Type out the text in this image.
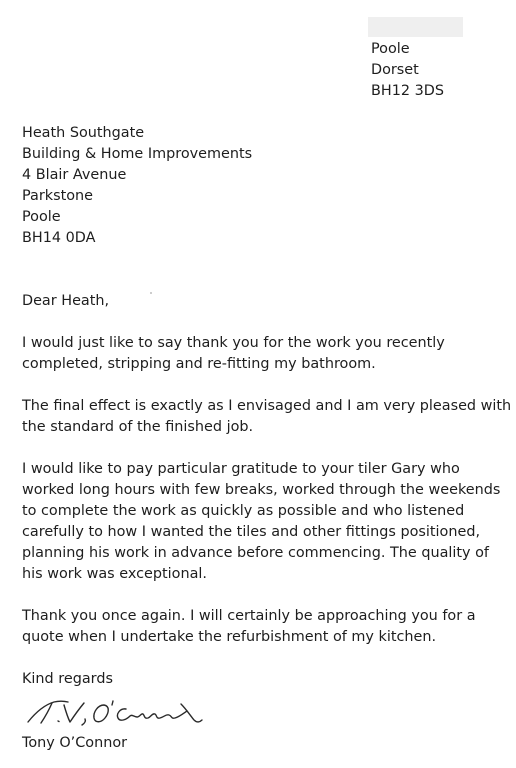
Poole
Dorset
BH12 3DS
Heath Southgate
Building & Home Improvements
4 Blair Avenue
Parkstone
Poole
BH14 0DA
Dear Heath,

I would just like to say thank you for the work you recently completed, stripping and re-fitting my bathroom.

The final effect is exactly as I envisaged and I am very pleased with the standard of the finished job.

I would like to pay particular gratitude to your tiler Gary who worked long hours with few breaks, worked through the weekends to complete the work as quickly as possible and who listened carefully to how I wanted the tiles and other fittings positioned, planning his work in advance before commencing. The quality of his work was exceptional.

Thank you once again. I will certainly be approaching you for a quote when I undertake the refurbishment of my kitchen.

Kind regards
Tony O’Connor
